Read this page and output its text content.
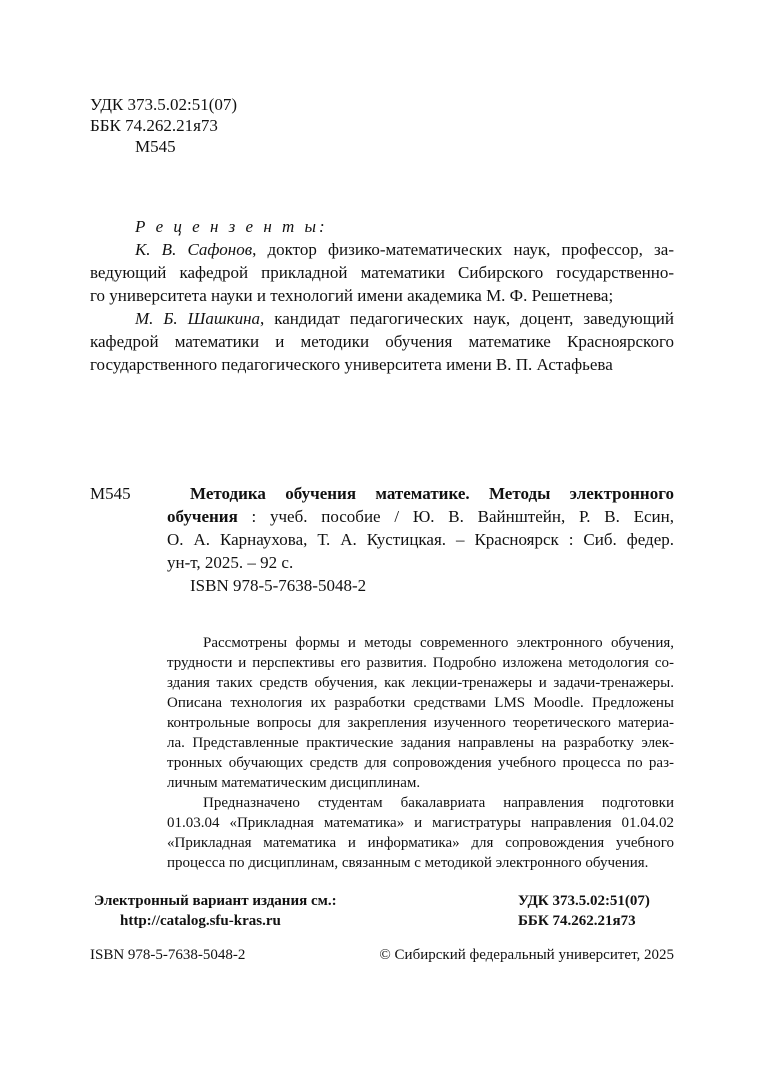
УДК 373.5.02:51(07)
ББК 74.262.21я73
М545
Р е ц е н з е н т ы:
К. В. Сафонов, доктор физико-математических наук, профессор, за-
ведующий кафедрой прикладной математики Сибирского государственно-
го университета науки и технологий имени академика М. Ф. Решетнева;
М. Б. Шашкина, кандидат педагогических наук, доцент, заведующий
кафедрой математики и методики обучения математике Красноярского
государственного педагогического университета имени В. П. Астафьева
М545	Методика обучения математике. Методы электронного
обучения : учеб. пособие / Ю. В. Вайнштейн, Р. В. Есин,
О. А. Карнаухова, Т. А. Кустицкая. – Красноярск : Сиб. федер.
ун-т, 2025. – 92 с.
ISBN 978-5-7638-5048-2
Рассмотрены формы и методы современного электронного обучения,
трудности и перспективы его развития. Подробно изложена методология со-
здания таких средств обучения, как лекции-тренажеры и задачи-тренажеры.
Описана технология их разработки средствами LMS Moodle. Предложены
контрольные вопросы для закрепления изученного теоретического материа-
ла. Представленные практические задания направлены на разработку элек-
тронных обучающих средств для сопровождения учебного процесса по раз-
личным математическим дисциплинам.
Предназначено студентам бакалавриата направления подготовки
01.03.04 «Прикладная математика» и магистратуры направления 01.04.02
«Прикладная математика и информатика» для сопровождения учебного
процесса по дисциплинам, связанным с методикой электронного обучения.
Электронный вариант издания см.:
http://catalog.sfu-kras.ru
УДК 373.5.02:51(07)
ББК 74.262.21я73
ISBN 978-5-7638-5048-2	© Сибирский федеральный университет, 2025
